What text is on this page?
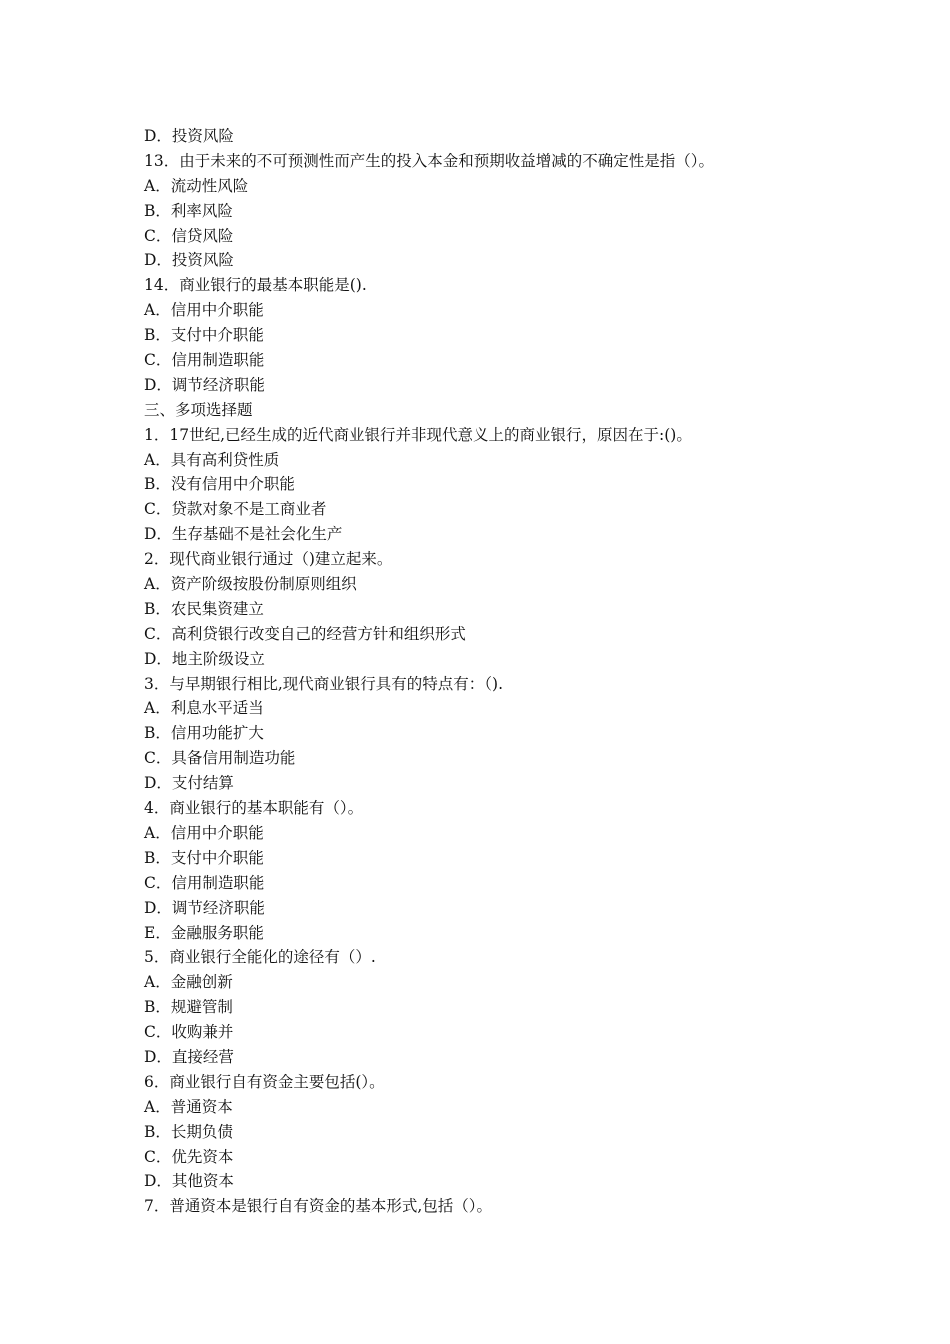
D．投资风险
13．由于未来的不可预测性而产生的投入本金和预期收益增减的不确定性是指（）。
A．流动性风险
B．利率风险
C．信贷风险
D．投资风险
14．商业银行的最基本职能是().
A．信用中介职能
B．支付中介职能
C．信用制造职能
D．调节经济职能
三、多项选择题
1．17世纪,已经生成的近代商业银行并非现代意义上的商业银行，原因在于:()。
A．具有高利贷性质
B．没有信用中介职能
C．贷款对象不是工商业者
D．生存基础不是社会化生产
2．现代商业银行通过（)建立起来。
A．资产阶级按股份制原则组织
B．农民集资建立
C．高利贷银行改变自己的经营方针和组织形式
D．地主阶级设立
3．与早期银行相比,现代商业银行具有的特点有：（).
A．利息水平适当
B．信用功能扩大
C．具备信用制造功能
D．支付结算
4．商业银行的基本职能有（）。
A．信用中介职能
B．支付中介职能
C．信用制造职能
D．调节经济职能
E．金融服务职能
5．商业银行全能化的途径有（）.
A．金融创新
B．规避管制
C．收购兼并
D．直接经营
6．商业银行自有资金主要包括(）。
A．普通资本
B．长期负债
C．优先资本
D．其他资本
7．普通资本是银行自有资金的基本形式,包括（）。
